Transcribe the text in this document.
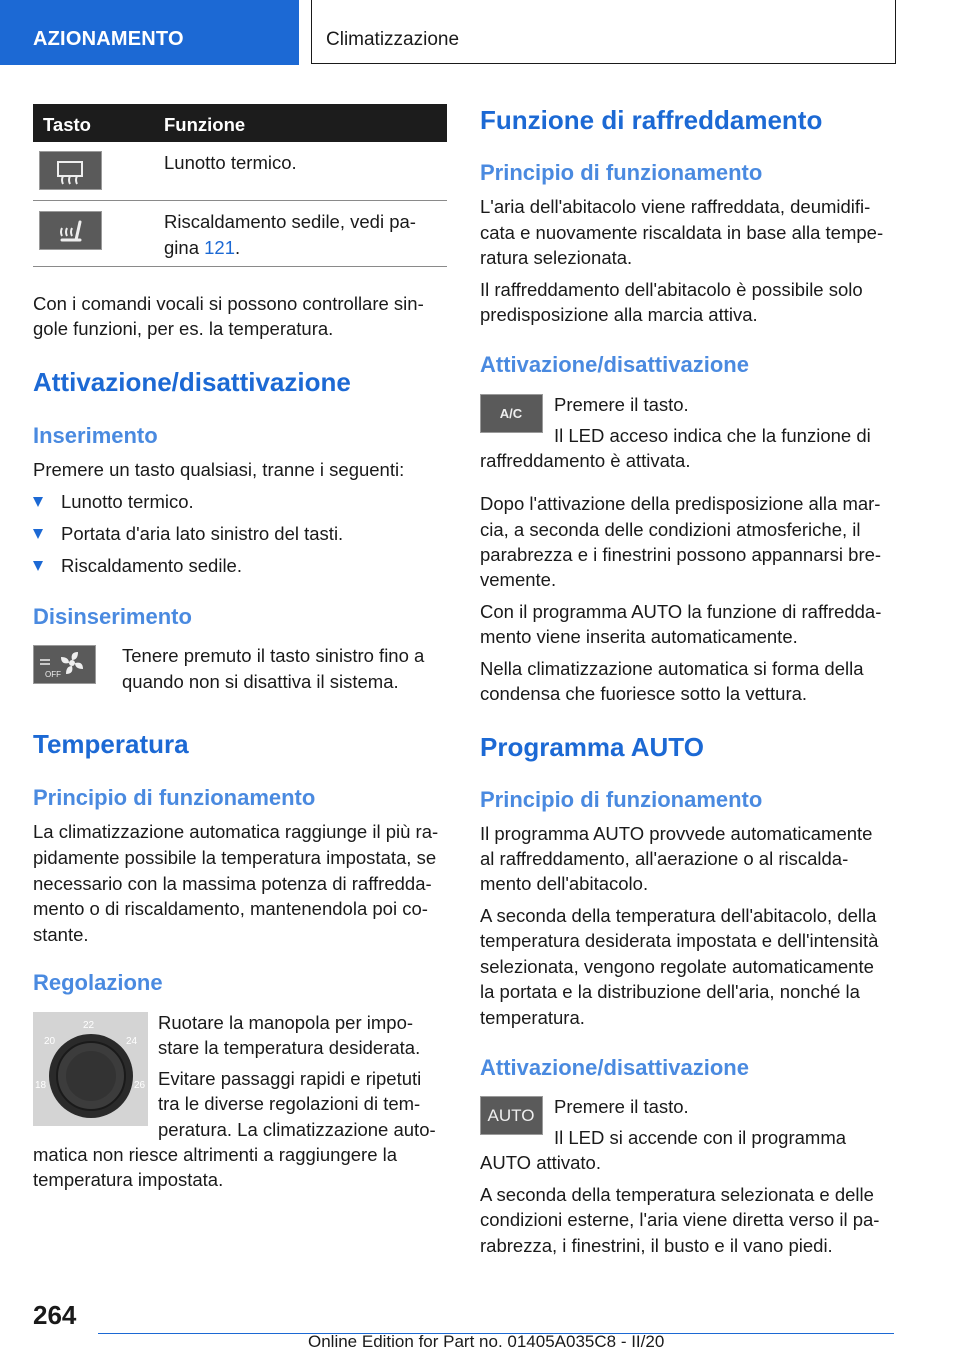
AZIONAMENTO	Climatizzazione
Tasto	Funzione

Lunotto termico.

Riscaldamento sedile, vedi pa-

gina 121.

Con i comandi vocali si possono controllare sin-

gole funzioni, per es. la temperatura.

Attivazione/disattivazione

Inserimento

Premere un tasto qualsiasi, tranne i seguenti:

Lunotto termico.
Portata d'aria lato sinistro del tasti.
Riscaldamento sedile.

Disinserimento

OFF

Tenere premuto il tasto sinistro fino a

quando non si disattiva il sistema.

Temperatura

Principio di funzionamento

La climatizzazione automatica raggiunge il più ra-

pidamente possibile la temperatura impostata, se

necessario con la massima potenza di raffredda-

mento o di riscaldamento, mantenendola poi co-

stante.

Regolazione

18
20
22
24
26

Ruotare la manopola per impo-

stare la temperatura desiderata.

Evitare passaggi rapidi e ripetuti

tra le diverse regolazioni di tem-

peratura. La climatizzazione auto-

matica non riesce altrimenti a raggiungere la

temperatura impostata.

Funzione di raffreddamento

Principio di funzionamento

L'aria dell'abitacolo viene raffreddata, deumidifi-

cata e nuovamente riscaldata in base alla tempe-

ratura selezionata.

Il raffreddamento dell'abitacolo è possibile solo

predisposizione alla marcia attiva.

Attivazione/disattivazione

A/C Premere il tasto.

Il LED acceso indica che la funzione di

raffreddamento è attivata.

Dopo l'attivazione della predisposizione alla mar-

cia, a seconda delle condizioni atmosferiche, il

parabrezza e i finestrini possono appannarsi bre-

vemente.

Con il programma AUTO la funzione di raffredda-

mento viene inserita automaticamente.

Nella climatizzazione automatica si forma della

condensa che fuoriesce sotto la vettura.

Programma AUTO

Principio di funzionamento

Il programma AUTO provvede automaticamente

al raffreddamento, all'aerazione o al riscalda-

mento dell'abitacolo.

A seconda della temperatura dell'abitacolo, della

temperatura desiderata impostata e dell'intensità

selezionata, vengono regolate automaticamente

la portata e la distribuzione dell'aria, nonché la

temperatura.

Attivazione/disattivazione

AUTO Premere il tasto.

Il LED si accende con il programma

AUTO attivato.

A seconda della temperatura selezionata e delle

condizioni esterne, l'aria viene diretta verso il pa-

rabrezza, i finestrini, il busto e il vano piedi.

264
Online Edition for Part no. 01405A035C8 - II/20
